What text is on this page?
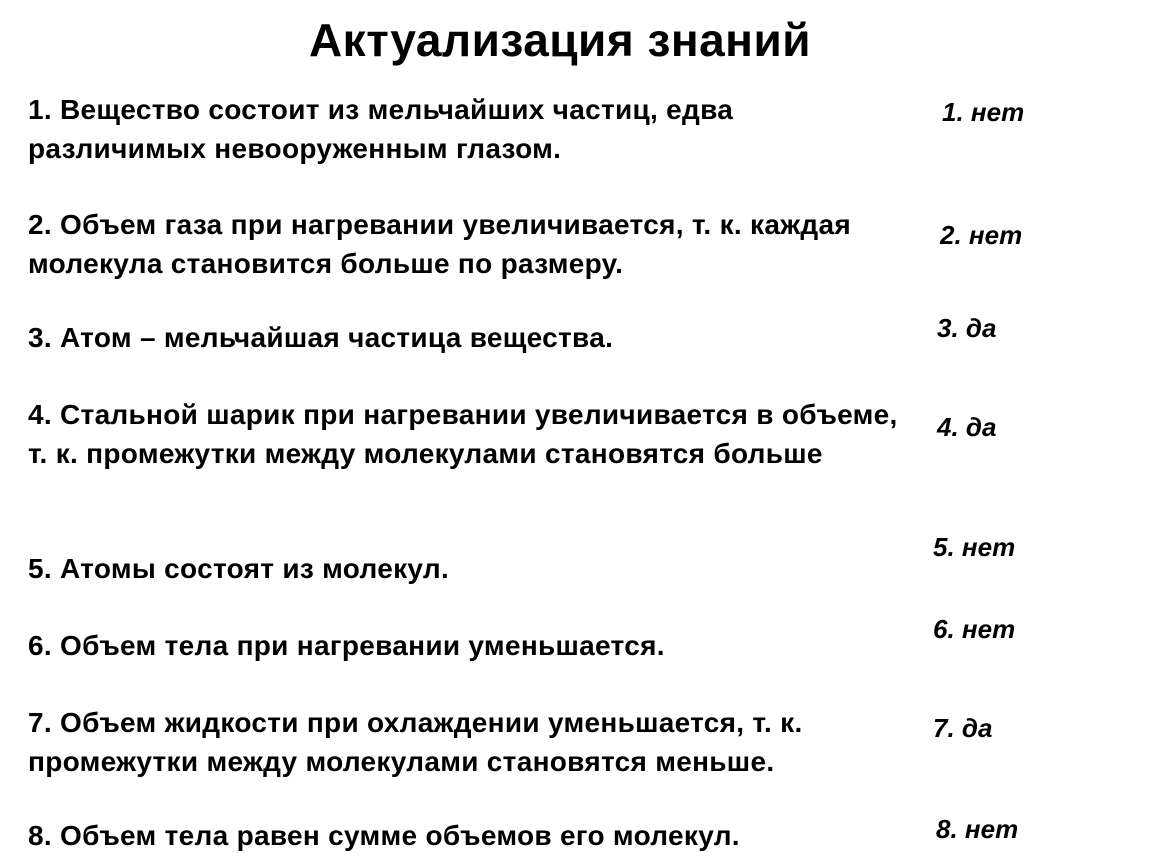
Актуализация знаний
1. Вещество состоит из мельчайших частиц, едва различимых невооруженным глазом.
2. Объем газа при нагревании увеличивается, т. к. каждая молекула становится больше по размеру.
3. Атом – мельчайшая частица вещества.
4. Стальной шарик при нагревании увеличивается в объеме, т. к. промежутки между молекулами становятся больше
5. Атомы состоят из молекул.
6. Объем тела при нагревании уменьшается.
7. Объем жидкости при охлаждении уменьшается, т. к. промежутки между молекулами становятся меньше.
8. Объем тела равен сумме объемов его молекул.
1. нет
2. нет
3. да
4. да
5. нет
6. нет
7. да
8. нет
